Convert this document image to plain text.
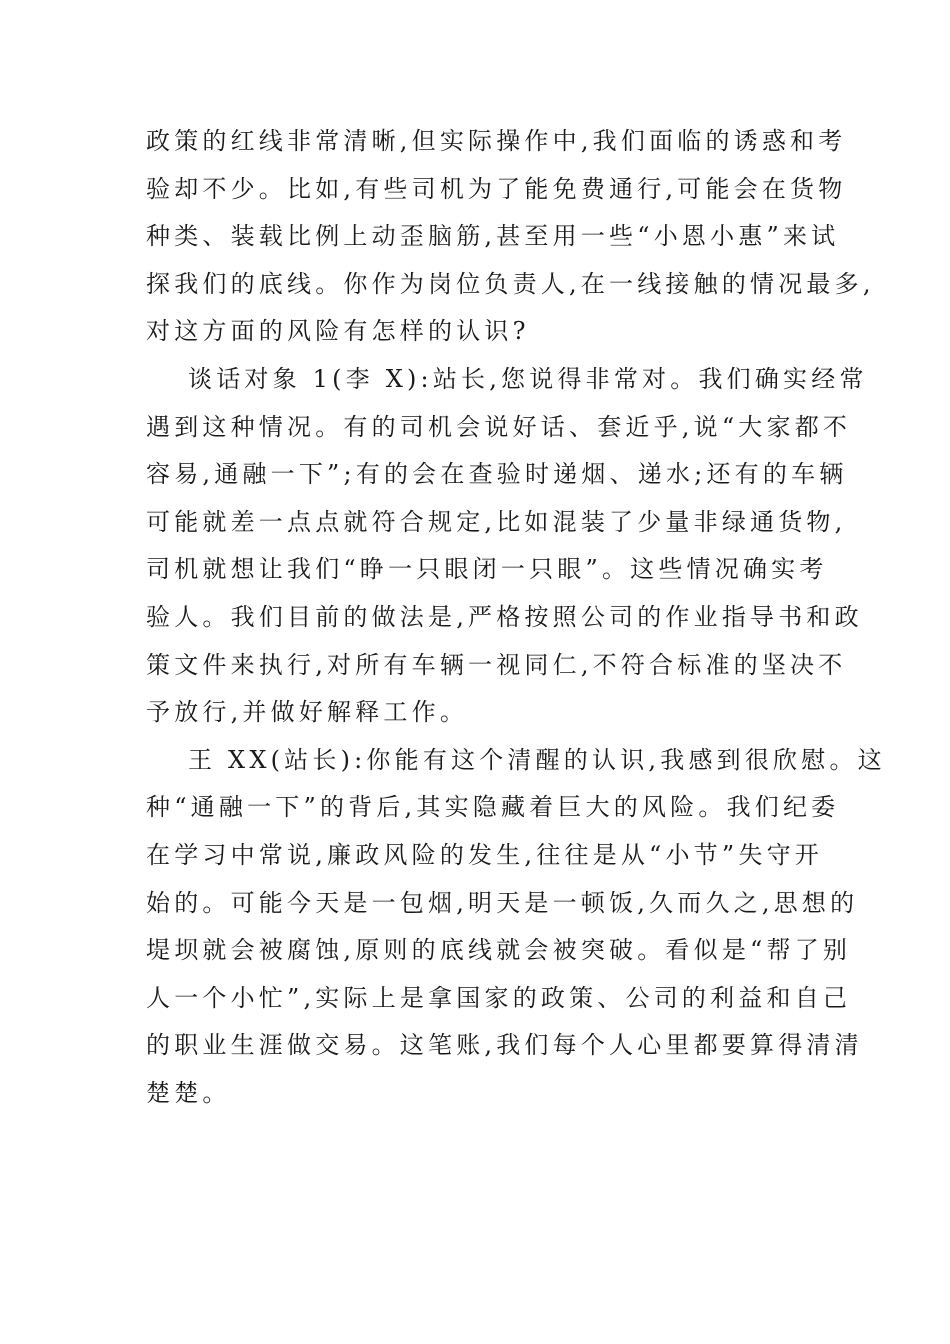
政策的红线非常清晰,但实际操作中,我们面临的诱惑和考
验却不少。比如,有些司机为了能免费通行,可能会在货物
种类、装载比例上动歪脑筋,甚至用一些“小恩小惠”来试
探我们的底线。你作为岗位负责人,在一线接触的情况最多,
对这方面的风险有怎样的认识?
谈话对象 1(李 X):站长,您说得非常对。我们确实经常
遇到这种情况。有的司机会说好话、套近乎,说“大家都不
容易,通融一下”;有的会在查验时递烟、递水;还有的车辆
可能就差一点点就符合规定,比如混装了少量非绿通货物,
司机就想让我们“睁一只眼闭一只眼”。这些情况确实考
验人。我们目前的做法是,严格按照公司的作业指导书和政
策文件来执行,对所有车辆一视同仁,不符合标准的坚决不
予放行,并做好解释工作。
王 XX(站长):你能有这个清醒的认识,我感到很欣慰。这
种“通融一下”的背后,其实隐藏着巨大的风险。我们纪委
在学习中常说,廉政风险的发生,往往是从“小节”失守开
始的。可能今天是一包烟,明天是一顿饭,久而久之,思想的
堤坝就会被腐蚀,原则的底线就会被突破。看似是“帮了别
人一个小忙”,实际上是拿国家的政策、公司的利益和自己
的职业生涯做交易。这笔账,我们每个人心里都要算得清清
楚楚。
